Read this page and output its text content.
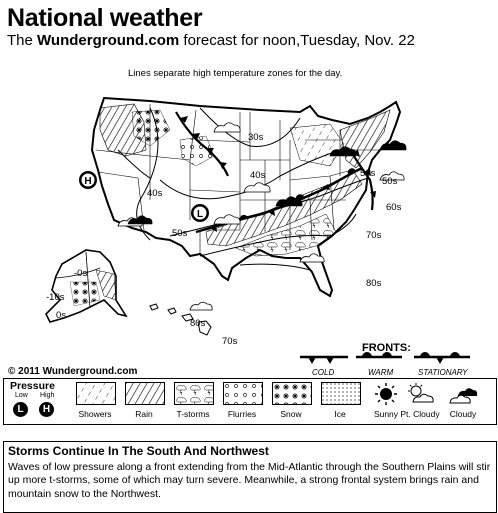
National weather
The Wunderground.com forecast for noon,Tuesday, Nov. 22
Lines separate high temperature zones for the day.
H
L
30s
40s
40s
50s
50s
60s
70s
80s
-0s
-10s
0s
80s
70s
50s
© 2011 Wunderground.com
FRONTS:
COLD	WARM	STATIONARY
Pressure
Low High
L	H	Showers	Rain	T-storms	Flurries	Snow	Ice	Sunny Pt. Cloudy	Cloudy
Storms Continue In The South And Northwest
Waves of low pressure along a front extending from the Mid-Atlantic through the Southern Plains will stir up more t-storms, some of which may turn severe. Meanwhile, a strong frontal system brings rain and mountain snow to the Northwest.
